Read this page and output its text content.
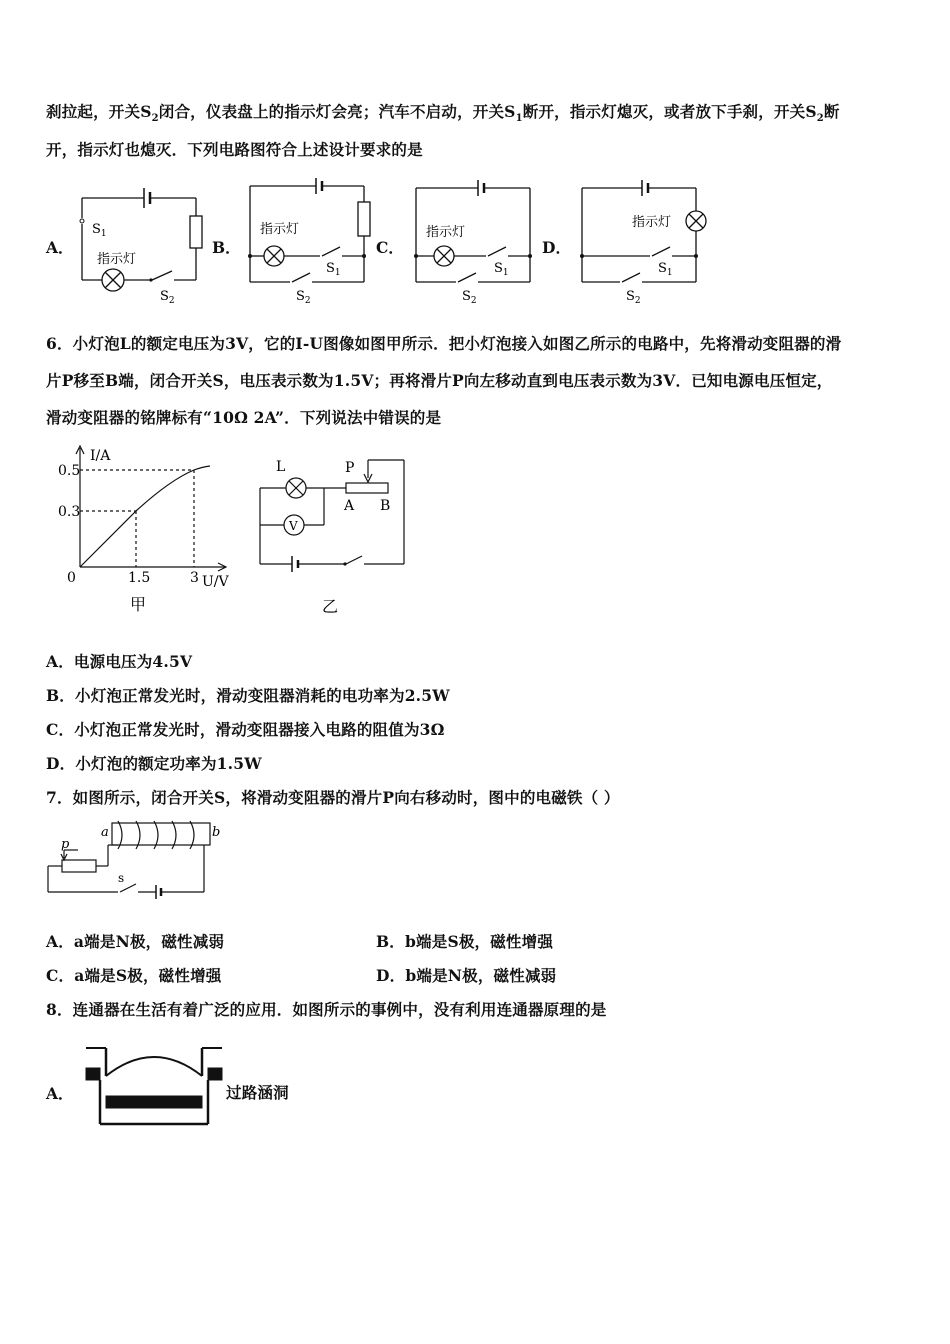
刹拉起，开关$S_2$闭合，仪表盘上的指示灯会亮；汽车不启动，开关$S_1$断开，指示灯熄灭，或者放下手刹，开关$S_2$断
开，指示灯也熄灭．下列电路图符合上述设计要求的是
A．	B．	C．	D．
$S_1$
指示灯
$S_2$
指示灯
$S_1$
$S_2$
指示灯
$S_1$
$S_2$
指示灯
$S_1$
$S_2$
6．小灯泡L的额定电压为3V，它的I-U图像如图甲所示．把小灯泡接入如图乙所示的电路中，先将滑动变阻器的滑
片P移至B端，闭合开关S，电压表示数为1.5V；再将滑片P向左移动直到电压表示数为3V．已知电源电压恒定，
滑动变阻器的铭牌标有“10Ω 2A”．下列说法中错误的是
I/A
0.5
0.3
0	1.5	3 U/V
甲
L	P
A B
V
乙
A．电源电压为4.5V
B．小灯泡正常发光时，滑动变阻器消耗的电功率为2.5W
C．小灯泡正常发光时，滑动变阻器接入电路的阻值为3Ω
D．小灯泡的额定功率为1.5W
7．如图所示，闭合开关S，将滑动变阻器的滑片P向右移动时，图中的电磁铁（ ）
a	b
p
s
A．a端是N极，磁性减弱	B．b端是S极，磁性增强
C．a端是S极，磁性增强	D．b端是N极，磁性减弱
8．连通器在生活有着广泛的应用．如图所示的事例中，没有利用连通器原理的是
A．	过路涵洞
